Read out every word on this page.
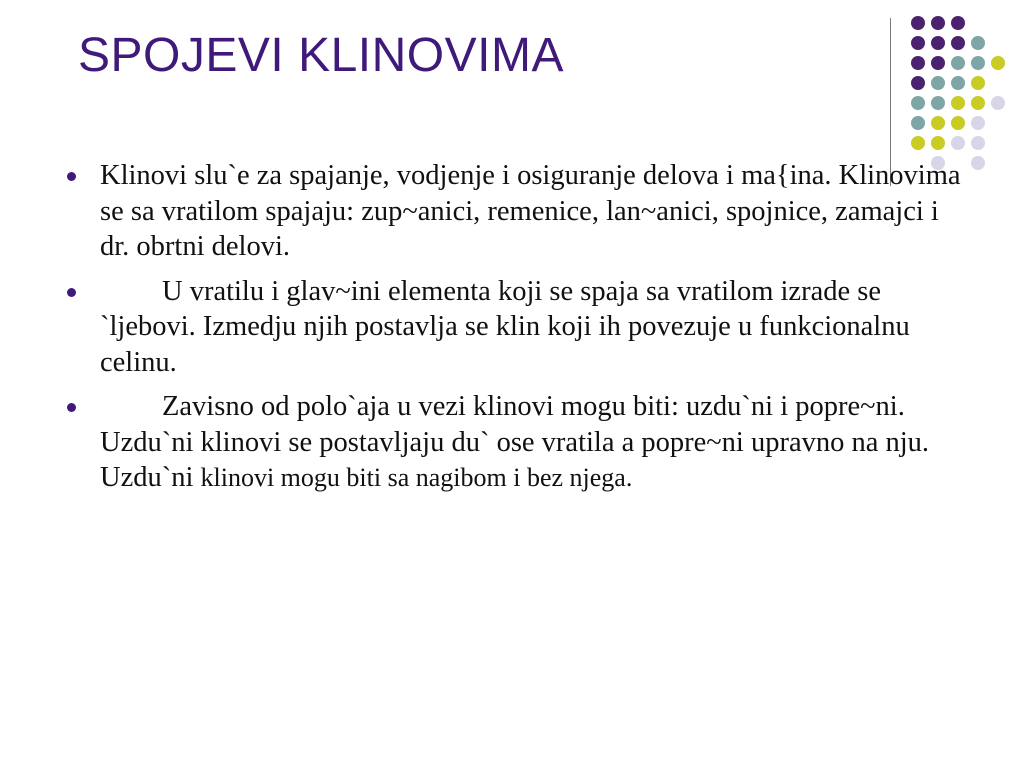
SPOJEVI KLINOVIMA
Klinovi slu`e za spajanje, vodjenje i osiguranje delova i ma{ina. Klinovima se sa vratilom spajaju: zup~anici, remenice, lan~anici, spojnice, zamajci i dr. obrtni delovi.
U vratilu i glav~ini elementa koji se spaja sa vratilom izrade se `ljebovi. Izmedju njih postavlja se klin koji ih povezuje u funkcionalnu celinu.
Zavisno od polo`aja u vezi klinovi mogu biti: uzdu`ni i popre~ni. Uzdu`ni klinovi se postavljaju du` ose vratila a popre~ni upravno na nju. Uzdu`ni klinovi mogu biti sa nagibom i bez njega.
